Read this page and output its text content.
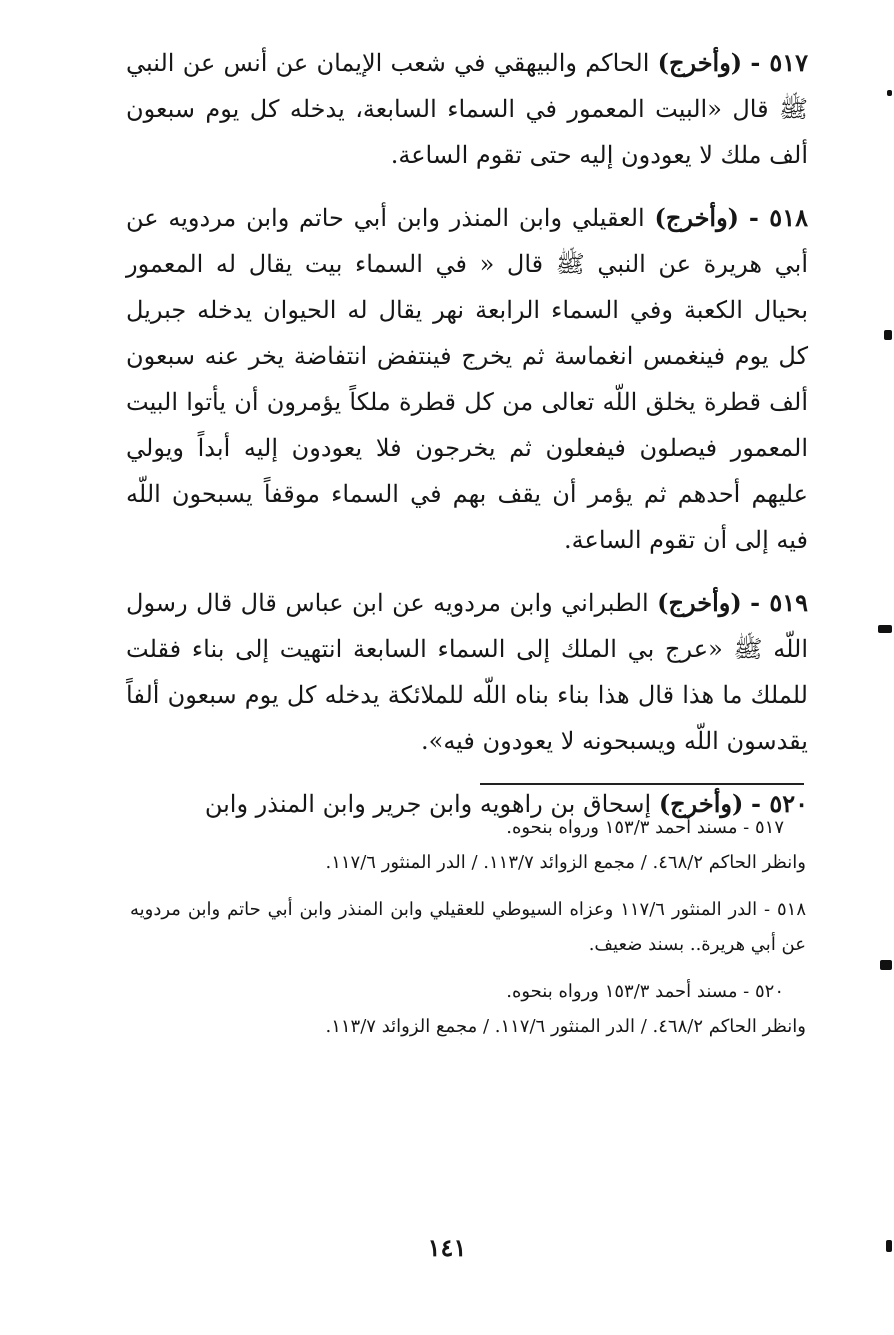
٥١٧ - (وأخرج) الحاكم والبيهقي في شعب الإيمان عن أنس عن النبي ﷺ قال «البيت المعمور في السماء السابعة، يدخله كل يوم سبعون ألف ملك لا يعودون إليه حتى تقوم الساعة.

٥١٨ - (وأخرج) العقيلي وابن المنذر وابن أبي حاتم وابن مردويه عن أبي هريرة عن النبي ﷺ قال « في السماء بيت يقال له المعمور بحيال الكعبة وفي السماء الرابعة نهر يقال له الحيوان يدخله جبريل كل يوم فينغمس انغماسة ثم يخرج فينتفض انتفاضة يخر عنه سبعون ألف قطرة يخلق اللّه تعالى من كل قطرة ملكاً يؤمرون أن يأتوا البيت المعمور فيصلون فيفعلون ثم يخرجون فلا يعودون إليه أبداً ويولي عليهم أحدهم ثم يؤمر أن يقف بهم في السماء موقفاً يسبحون اللّه فيه إلى أن تقوم الساعة.

٥١٩ - (وأخرج) الطبراني وابن مردويه عن ابن عباس قال قال رسول اللّه ﷺ «عرج بي الملك إلى السماء السابعة انتهيت إلى بناء فقلت للملك ما هذا قال هذا بناء بناه اللّه للملائكة يدخله كل يوم سبعون ألفاً يقدسون اللّه ويسبحونه لا يعودون فيه».

٥٢٠ - (وأخرج) إسحاق بن راهويه وابن جرير وابن المنذر وابن

٥١٧ - مسند أحمد ١٥٣/٣ ورواه بنحوه.

وانظر الحاكم ٤٦٨/٢. / مجمع الزوائد ١١٣/٧. / الدر المنثور ١١٧/٦.

٥١٨ - الدر المنثور ١١٧/٦ وعزاه السيوطي للعقيلي وابن المنذر وابن أبي حاتم وابن مردويه عن أبي هريرة.. بسند ضعيف.

٥٢٠ - مسند أحمد ١٥٣/٣ ورواه بنحوه.

وانظر الحاكم ٤٦٨/٢. / الدر المنثور ١١٧/٦. / مجمع الزوائد ١١٣/٧.

١٤١
